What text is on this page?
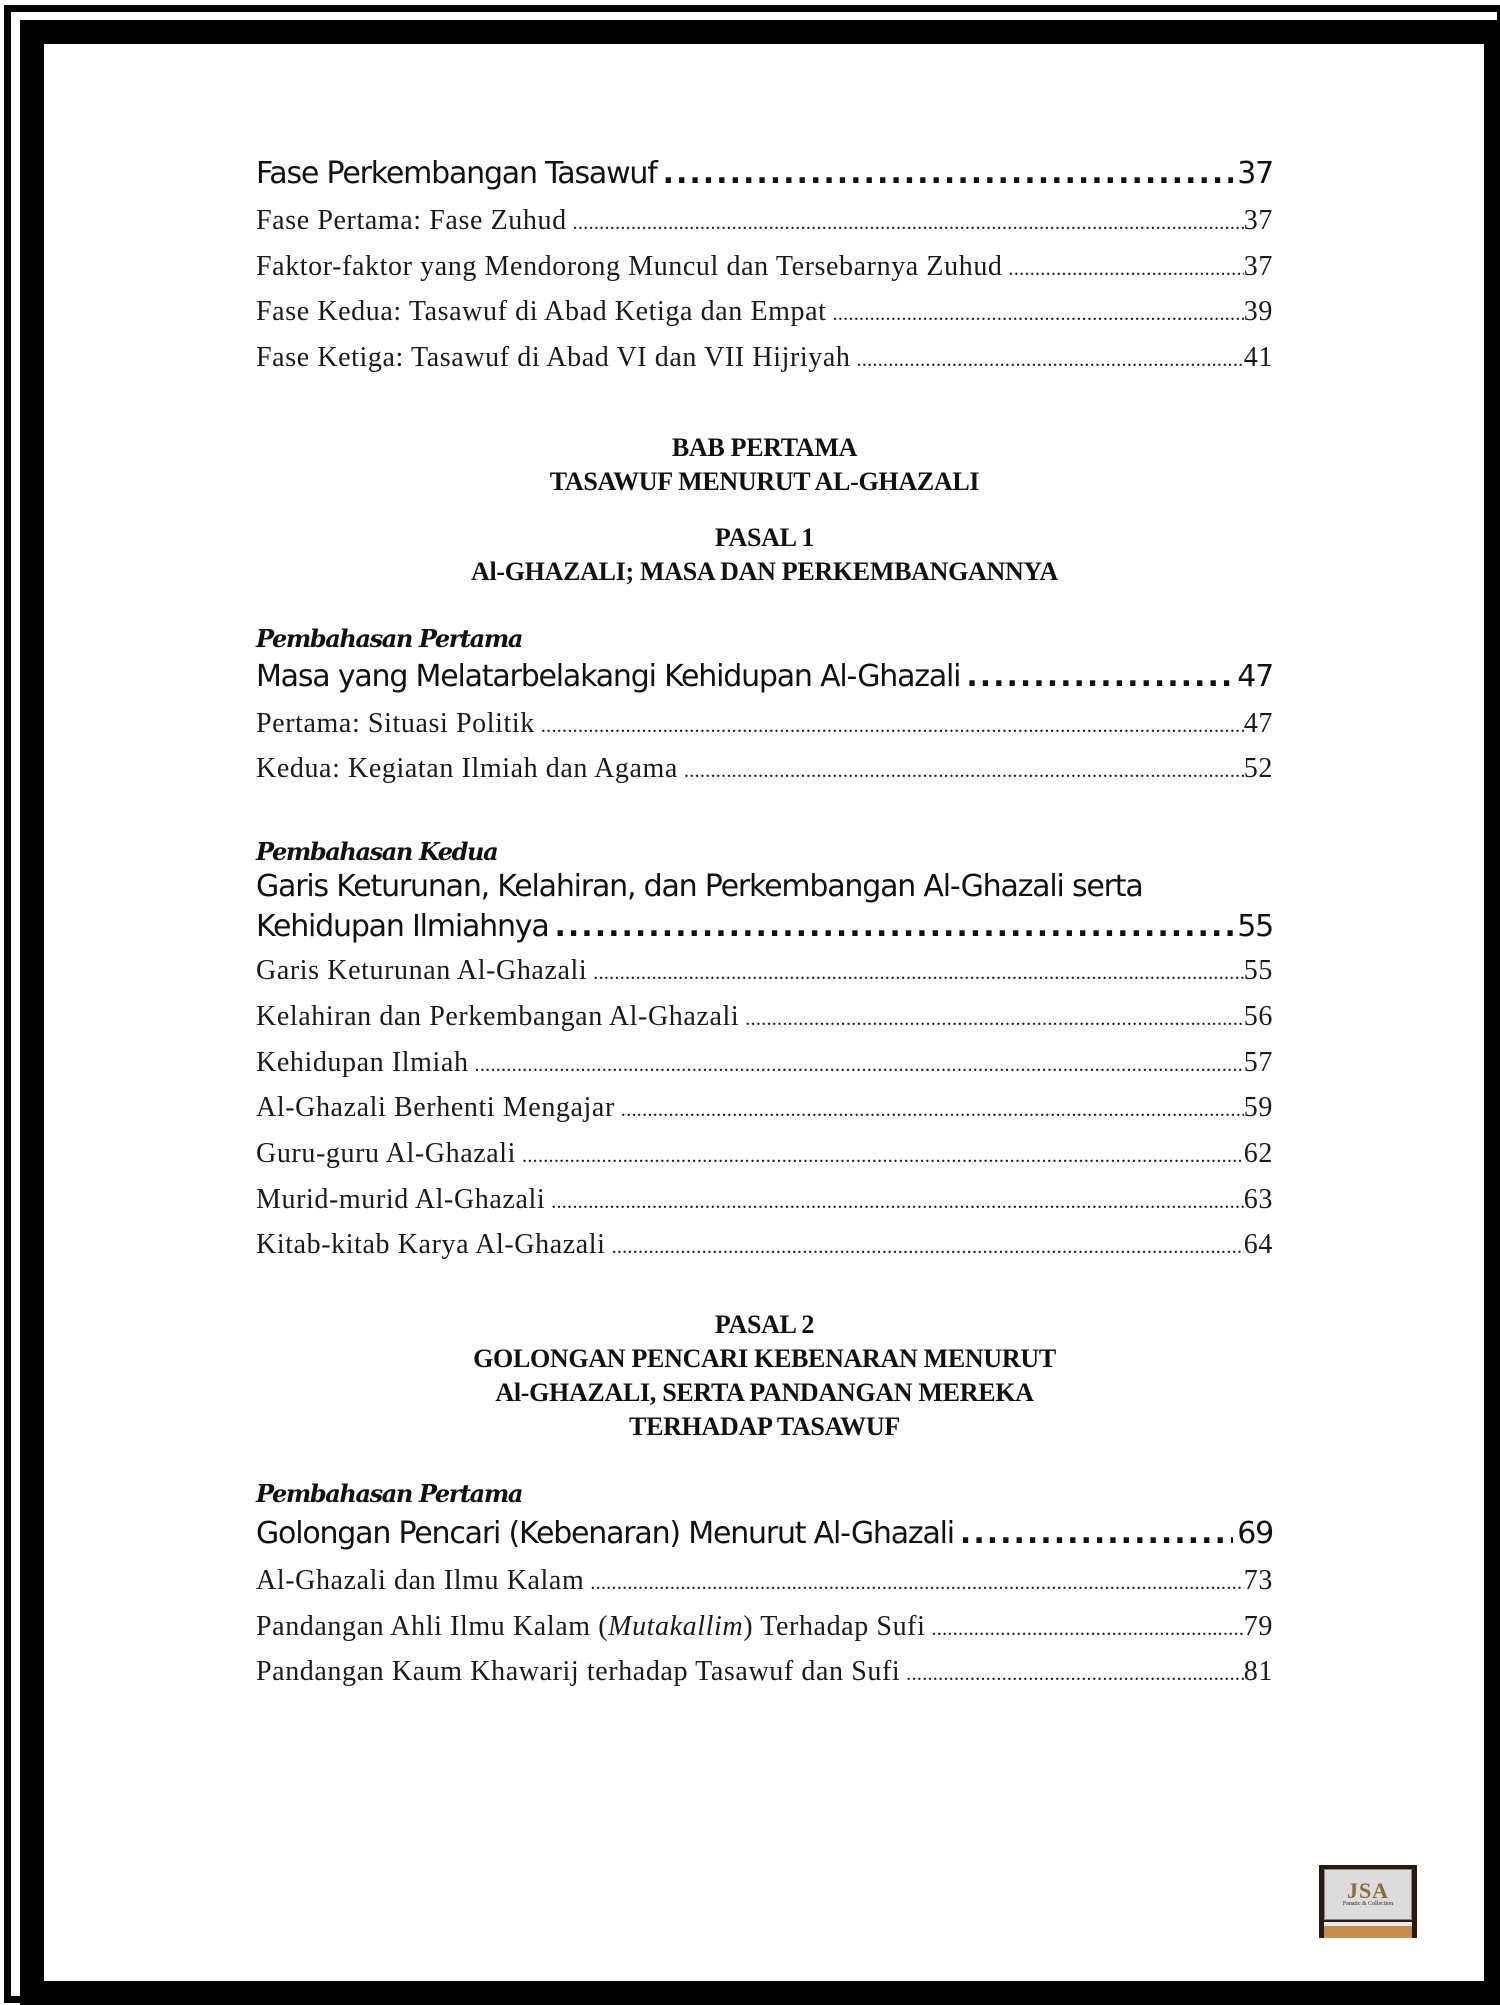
Fase Perkembangan Tasawuf .....	37
Fase Pertama: Fase Zuhud .....	37
Faktor-faktor yang Mendorong Muncul dan Tersebarnya Zuhud .....	37
Fase Kedua: Tasawuf di Abad Ketiga dan Empat .....	39
Fase Ketiga: Tasawuf di Abad VI dan VII Hijriyah .....	41
BAB PERTAMA
TASAWUF MENURUT AL-GHAZALI
PASAL 1
Al-GHAZALI; MASA DAN PERKEMBANGANNYA
Pembahasan Pertama
Masa yang Melatarbelakangi Kehidupan Al-Ghazali .....	47
Pertama: Situasi Politik .....	47
Kedua: Kegiatan Ilmiah dan Agama .....	52
Pembahasan Kedua
Garis Keturunan, Kelahiran, dan Perkembangan Al-Ghazali serta
Kehidupan Ilmiahnya .....	55
Garis Keturunan Al-Ghazali .....	55
Kelahiran dan Perkembangan Al-Ghazali .....	56
Kehidupan Ilmiah .....	57
Al-Ghazali Berhenti Mengajar .....	59
Guru-guru Al-Ghazali .....	62
Murid-murid Al-Ghazali .....	63
Kitab-kitab Karya Al-Ghazali .....	64
PASAL 2
GOLONGAN PENCARI KEBENARAN MENURUT
Al-GHAZALI, SERTA PANDANGAN MEREKA
TERHADAP TASAWUF
Pembahasan Pertama
Golongan Pencari (Kebenaran) Menurut Al-Ghazali .....	69
Al-Ghazali dan Ilmu Kalam .....	73
Pandangan Ahli Ilmu Kalam (Mutakallim) Terhadap Sufi .....	79
Pandangan Kaum Khawarij terhadap Tasawuf dan Sufi .....	81
JSA
Fanatic & Collection
